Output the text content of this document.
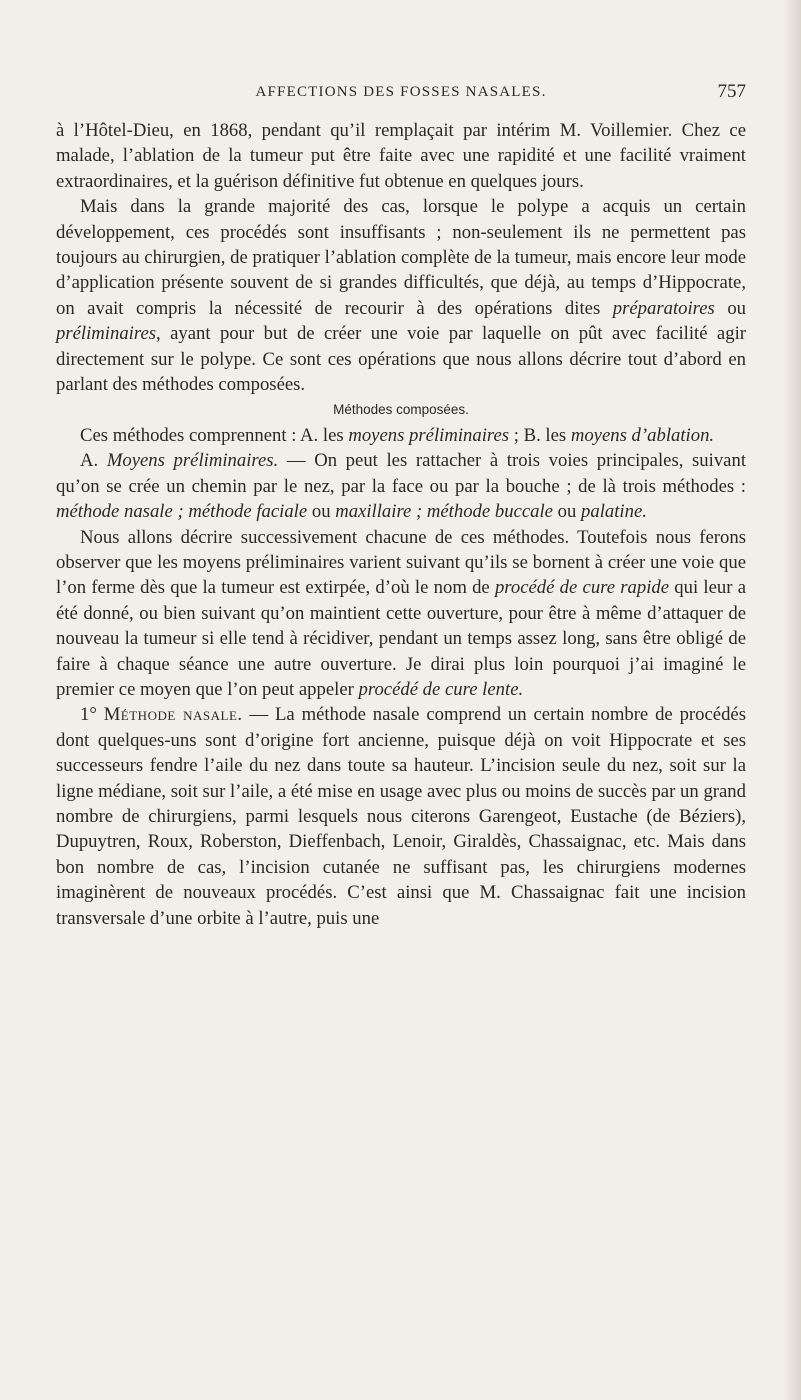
AFFECTIONS DES FOSSES NASALES.	757

à l’Hôtel-Dieu, en 1868, pendant qu’il remplaçait par intérim M. Voillemier. Chez ce malade, l’ablation de la tumeur put être faite avec une rapidité et une facilité vraiment extraordinaires, et la guérison définitive fut obtenue en quelques jours.

Mais dans la grande majorité des cas, lorsque le polype a acquis un certain développement, ces procédés sont insuffisants ; non-seulement ils ne permettent pas toujours au chirurgien, de pratiquer l’ablation complète de la tumeur, mais encore leur mode d’application présente souvent de si grandes difficultés, que déjà, au temps d’Hippocrate, on avait compris la nécessité de recourir à des opérations dites préparatoires ou préliminaires, ayant pour but de créer une voie par laquelle on pût avec facilité agir directement sur le polype. Ce sont ces opérations que nous allons décrire tout d’abord en parlant des méthodes composées.

Méthodes composées.

Ces méthodes comprennent : A. les moyens préliminaires ; B. les moyens d’ablation.

A. Moyens préliminaires. — On peut les rattacher à trois voies principales, suivant qu’on se crée un chemin par le nez, par la face ou par la bouche ; de là trois méthodes : méthode nasale ; méthode faciale ou maxillaire ; méthode buccale ou palatine.

Nous allons décrire successivement chacune de ces méthodes. Toutefois nous ferons observer que les moyens préliminaires varient suivant qu’ils se bornent à créer une voie que l’on ferme dès que la tumeur est extirpée, d’où le nom de procédé de cure rapide qui leur a été donné, ou bien suivant qu’on maintient cette ouverture, pour être à même d’attaquer de nouveau la tumeur si elle tend à récidiver, pendant un temps assez long, sans être obligé de faire à chaque séance une autre ouverture. Je dirai plus loin pourquoi j’ai imaginé le premier ce moyen que l’on peut appeler procédé de cure lente.

1° Méthode nasale. — La méthode nasale comprend un certain nombre de procédés dont quelques-uns sont d’origine fort ancienne, puisque déjà on voit Hippocrate et ses successeurs fendre l’aile du nez dans toute sa hauteur. L’incision seule du nez, soit sur la ligne médiane, soit sur l’aile, a été mise en usage avec plus ou moins de succès par un grand nombre de chirurgiens, parmi lesquels nous citerons Garengeot, Eustache (de Béziers), Dupuytren, Roux, Roberston, Dieffenbach, Lenoir, Giraldès, Chassaignac, etc. Mais dans bon nombre de cas, l’incision cutanée ne suffisant pas, les chirurgiens modernes imaginèrent de nouveaux procédés. C’est ainsi que M. Chassaignac fait une incision transversale d’une orbite à l’autre, puis une
